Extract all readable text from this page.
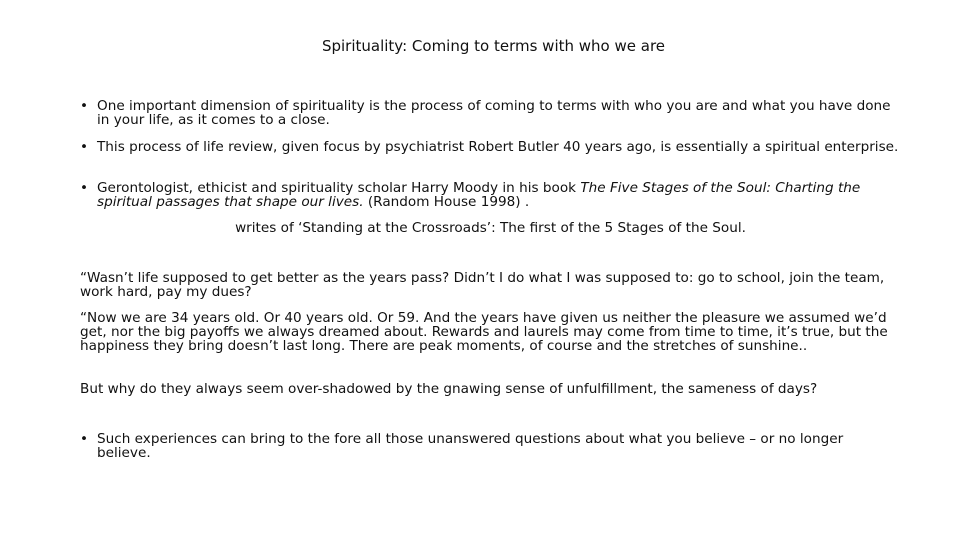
Spirituality: Coming to terms with who we are
• One important dimension of spirituality is the process of coming to terms with who you are and what you have done in your life, as it comes to a close.
• This process of life review, given focus by psychiatrist Robert Butler 40 years ago, is essentially a spiritual enterprise.
• Gerontologist, ethicist and spirituality scholar Harry Moody in his book The Five Stages of the Soul: Charting the spiritual passages that shape our lives. (Random House 1998) .
writes of ‘Standing at the Crossroads’: The first of the 5 Stages of the Soul.
“Wasn’t life supposed to get better as the years pass? Didn’t I do what I was supposed to: go to school, join the team, work hard, pay my dues?
“Now we are 34 years old. Or 40 years old. Or 59. And the years have given us neither the pleasure we assumed we’d get, nor the big payoffs we always dreamed about. Rewards and laurels may come from time to time, it’s true, but the happiness they bring doesn’t last long. There are peak moments, of course and the stretches of sunshine..
But why do they always seem over-shadowed by the gnawing sense of unfulfillment, the sameness of days?
• Such experiences can bring to the fore all those unanswered questions about what you believe – or no longer believe.
